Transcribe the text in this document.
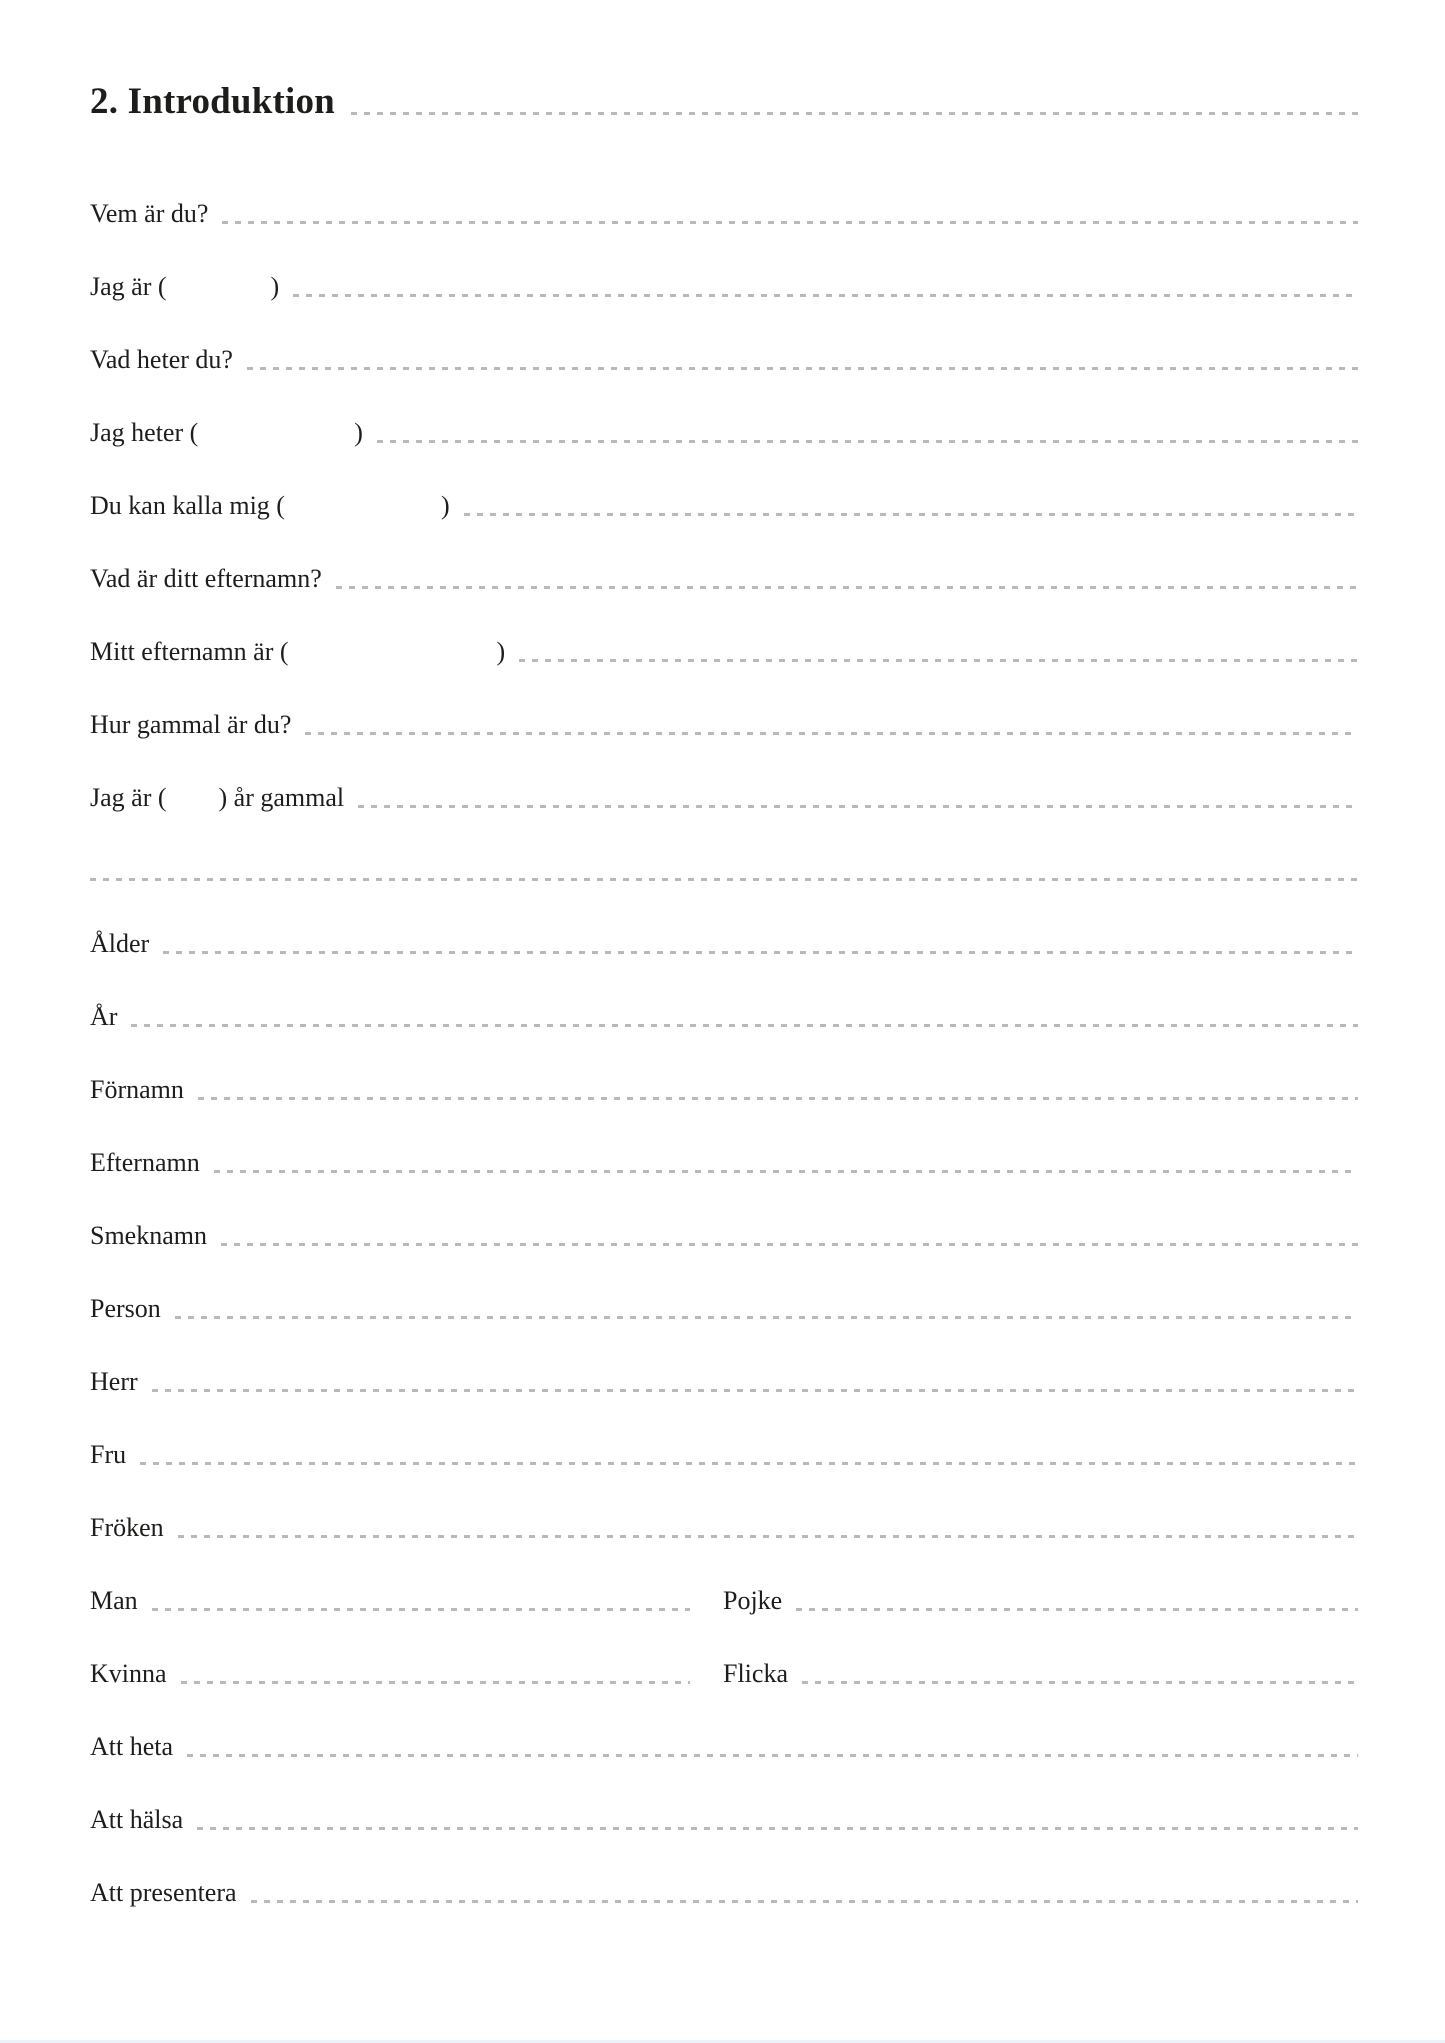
2. Introduktion
Vem är du?
Jag är (    )
Vad heter du?
Jag heter (      )
Du kan kalla mig (      )
Vad är ditt efternamn?
Mitt efternamn är (        )
Hur gammal är du?
Jag är (  ) år gammal
Ålder
År
Förnamn
Efternamn
Smeknamn
Person
Herr
Fru
Fröken
Man	Pojke
Kvinna	Flicka
Att heta
Att hälsa
Att presentera
